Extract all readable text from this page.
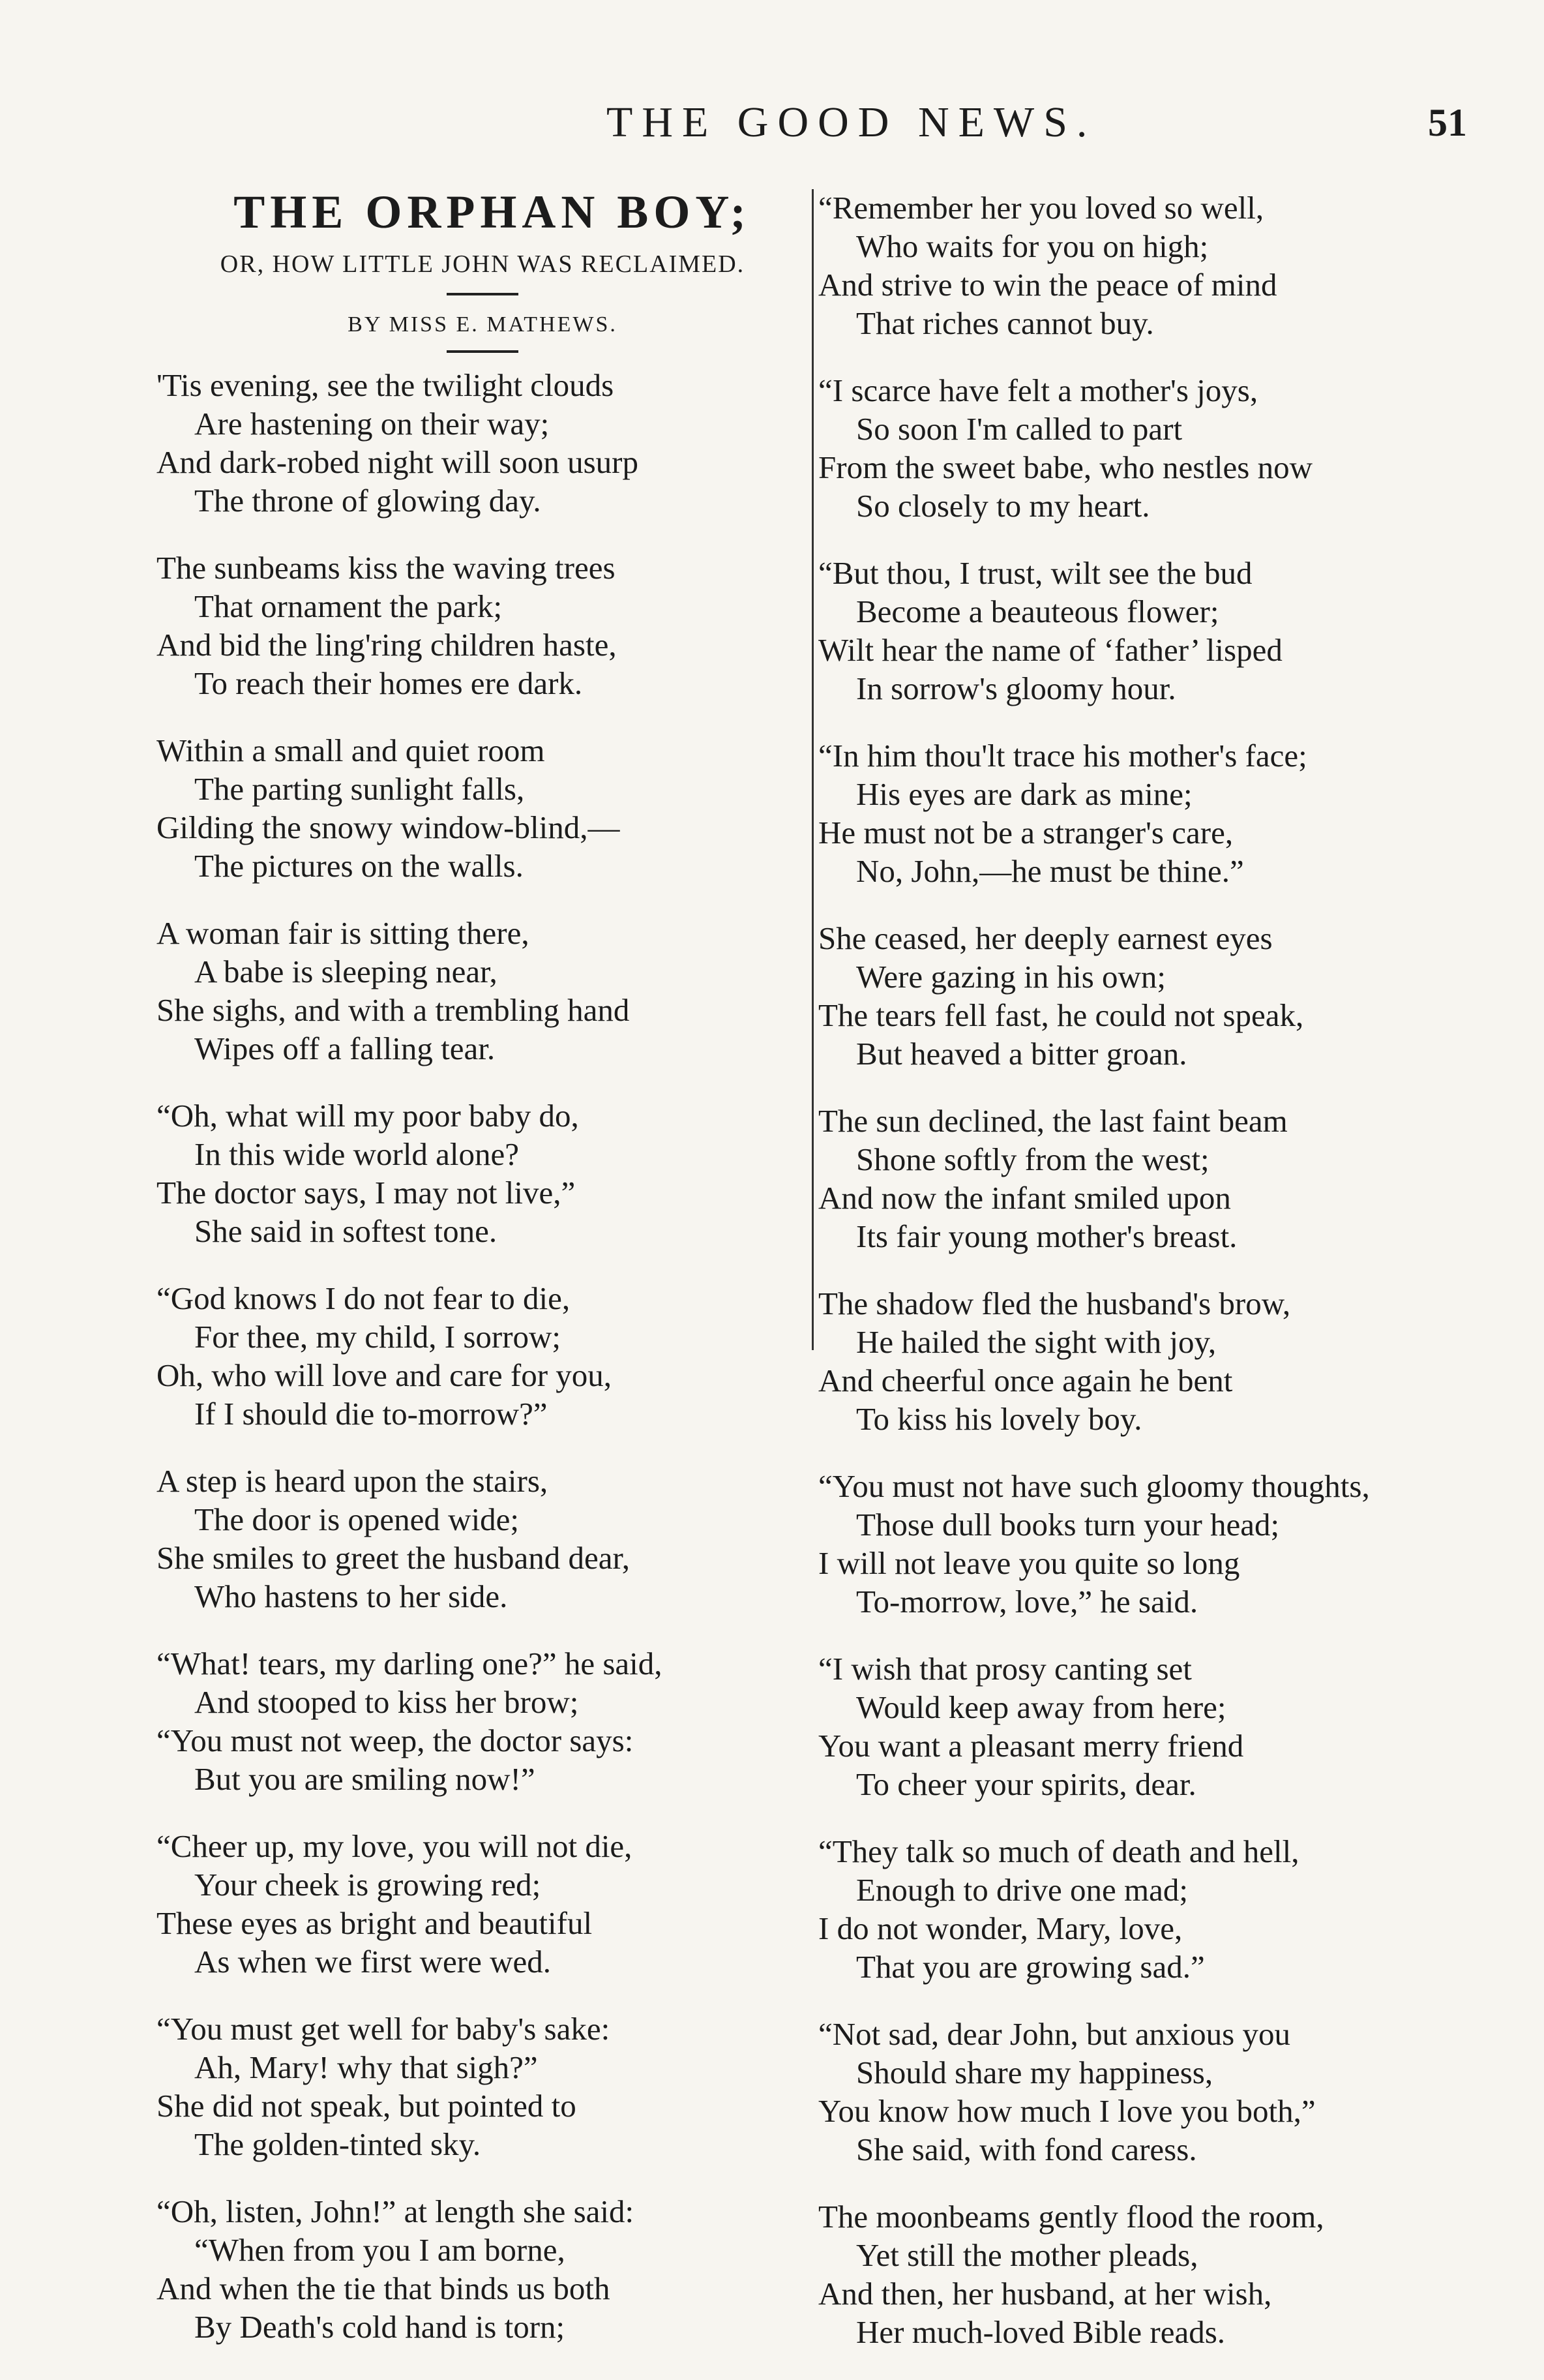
THE GOOD NEWS.	51
THE ORPHAN BOY;
OR, HOW LITTLE JOHN WAS RECLAIMED.
BY MISS E. MATHEWS.
'Tis evening, see the twilight clouds
Are hastening on their way;
And dark-robed night will soon usurp
The throne of glowing day.
The sunbeams kiss the waving trees
That ornament the park;
And bid the ling'ring children haste,
To reach their homes ere dark.
Within a small and quiet room
The parting sunlight falls,
Gilding the snowy window-blind,—
The pictures on the walls.
A woman fair is sitting there,
A babe is sleeping near,
She sighs, and with a trembling hand
Wipes off a falling tear.
“Oh, what will my poor baby do,
In this wide world alone?
The doctor says, I may not live,”
She said in softest tone.
“God knows I do not fear to die,
For thee, my child, I sorrow;
Oh, who will love and care for you,
If I should die to-morrow?”
A step is heard upon the stairs,
The door is opened wide;
She smiles to greet the husband dear,
Who hastens to her side.
“What! tears, my darling one?” he said,
And stooped to kiss her brow;
“You must not weep, the doctor says:
But you are smiling now!”
“Cheer up, my love, you will not die,
Your cheek is growing red;
These eyes as bright and beautiful
As when we first were wed.
“You must get well for baby's sake:
Ah, Mary! why that sigh?”
She did not speak, but pointed to
The golden-tinted sky.
“Oh, listen, John!” at length she said:
“When from you I am borne,
And when the tie that binds us both
By Death's cold hand is torn;
“Remember her you loved so well,
Who waits for you on high;
And strive to win the peace of mind
That riches cannot buy.
“I scarce have felt a mother's joys,
So soon I'm called to part
From the sweet babe, who nestles now
So closely to my heart.
“But thou, I trust, wilt see the bud
Become a beauteous flower;
Wilt hear the name of ‘father’ lisped
In sorrow's gloomy hour.
“In him thou'lt trace his mother's face;
His eyes are dark as mine;
He must not be a stranger's care,
No, John,—he must be thine.”
She ceased, her deeply earnest eyes
Were gazing in his own;
The tears fell fast, he could not speak,
But heaved a bitter groan.
The sun declined, the last faint beam
Shone softly from the west;
And now the infant smiled upon
Its fair young mother's breast.
The shadow fled the husband's brow,
He hailed the sight with joy,
And cheerful once again he bent
To kiss his lovely boy.
“You must not have such gloomy thoughts,
Those dull books turn your head;
I will not leave you quite so long
To-morrow, love,” he said.
“I wish that prosy canting set
Would keep away from here;
You want a pleasant merry friend
To cheer your spirits, dear.
“They talk so much of death and hell,
Enough to drive one mad;
I do not wonder, Mary, love,
That you are growing sad.”
“Not sad, dear John, but anxious you
Should share my happiness,
You know how much I love you both,”
She said, with fond caress.
The moonbeams gently flood the room,
Yet still the mother pleads,
And then, her husband, at her wish,
Her much-loved Bible reads.
